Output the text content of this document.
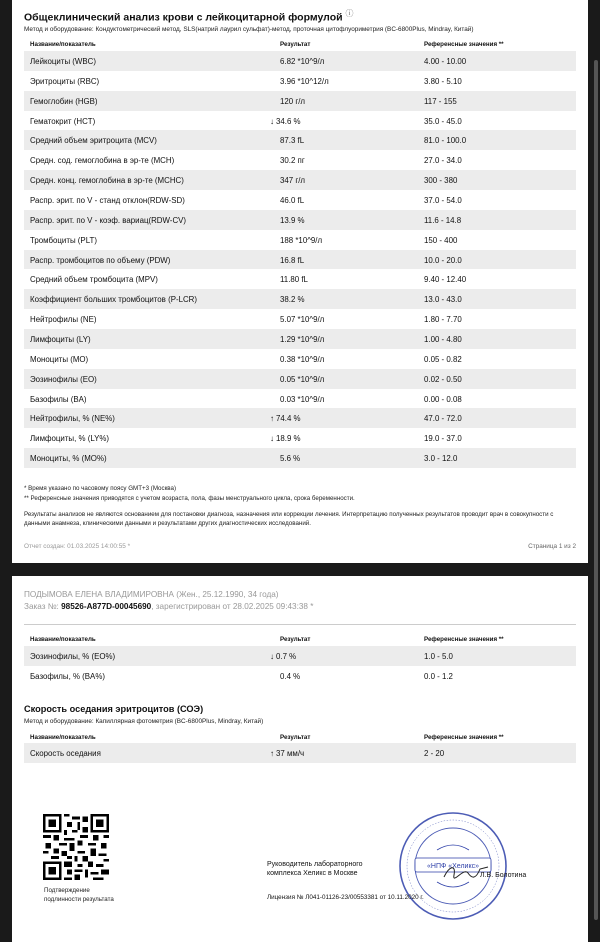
Общеклинический анализ крови с лейкоцитарной формулой ⓘ
Метод и оборудование: Кондуктометрический метод, SLS(натрий лаурил сульфат)-метод, проточная цитофлуориметрия (BC-6800Plus, Mindray, Китай)
Название/показатель	Результат	Референсные значения **
Лейкоциты (WBC)	6.82 *10^9/л	4.00 - 10.00
Эритроциты (RBC)	3.96 *10^12/л	3.80 - 5.10
Гемоглобин (HGB)	120 г/л	117 - 155
Гематокрит (HCT)	↓ 34.6 %	35.0 - 45.0
Средний объем эритроцита (MCV)	87.3 fL	81.0 - 100.0
Средн. сод. гемоглобина в эр-те (MCH)	30.2 пг	27.0 - 34.0
Средн. конц. гемоглобина в эр-те (MCHC)	347 г/л	300 - 380
Распр. эрит. по V - станд отклон(RDW-SD)	46.0 fL	37.0 - 54.0
Распр. эрит. по V - коэф. вариац(RDW-CV)	13.9 %	11.6 - 14.8
Тромбоциты (PLT)	188 *10^9/л	150 - 400
Распр. тромбоцитов по объему (PDW)	16.8 fL	10.0 - 20.0
Средний объем тромбоцита (MPV)	11.80 fL	9.40 - 12.40
Коэффициент больших тромбоцитов (P-LCR)	38.2 %	13.0 - 43.0
Нейтрофилы (NE)	5.07 *10^9/л	1.80 - 7.70
Лимфоциты (LY)	1.29 *10^9/л	1.00 - 4.80
Моноциты (MO)	0.38 *10^9/л	0.05 - 0.82
Эозинофилы (EO)	0.05 *10^9/л	0.02 - 0.50
Базофилы (BA)	0.03 *10^9/л	0.00 - 0.08
Нейтрофилы, % (NE%)	↑ 74.4 %	47.0 - 72.0
Лимфоциты, % (LY%)	↓ 18.9 %	19.0 - 37.0
Моноциты, % (MO%)	5.6 %	3.0 - 12.0
* Время указано по часовому поясу GMT+3 (Москва)
** Референсные значения приводятся с учетом возраста, пола, фазы менструального цикла, срока беременности.
Результаты анализов не являются основанием для постановки диагноза, назначения или коррекции лечения. Интерпретацию полученных результатов проводит врач в совокупности с данными анамнеза, клиническими данными и результатами других диагностических исследований.
Отчет создан: 01.03.2025 14:00:55 *	Страница 1 из 2
ПОДЫМОВА ЕЛЕНА ВЛАДИМИРОВНА (Жен., 25.12.1990, 34 года)
Заказ №: 98526-A877D-00045690, зарегистрирован от 28.02.2025 09:43:38 *
Название/показатель	Результат	Референсные значения **
Эозинофилы, % (EO%)	↓ 0.7 %	1.0 - 5.0
Базофилы, % (BA%)	0.4 %	0.0 - 1.2
Скорость оседания эритроцитов (СОЭ)
Метод и оборудование: Капиллярная фотометрия (BC-6800Plus, Mindray, Китай)
Название/показатель	Результат	Референсные значения **
Скорость оседания	↑ 37 мм/ч	2 - 20
Подтверждение
подлинности результата
«НПФ «Хеликс»
Руководитель лабораторного
комплекса Хеликс в Москве	Л.В. Болотина
Лицензия № Л041-01126-23/00553381 от 10.11.2020 г.
